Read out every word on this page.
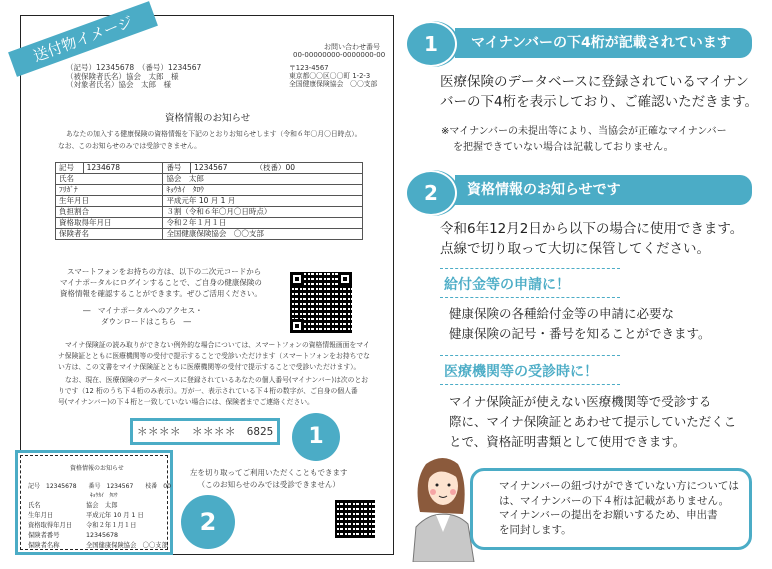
送付物イメージ	お問い合わせ番号
00-00000000-0000000-00
（記号）12345678　（番号）1234567
（被保険者氏名）協会　太郎　様
（対象者氏名）協会　太郎　様
〒123-4567
東京都〇〇区〇〇町 1-2-3
全国健康保険協会　〇〇支部
資格情報のお知らせ
あなたの加入する健康保険の資格情報を下記のとおりお知らせします（令和６年〇月〇日時点）。
なお、このお知らせのみでは受診できません。
記号	1234678	番号	1234567 （枝番）00
氏名		協会　太郎	
ﾌﾘｶﾞﾅ		ｷｮｳｶｲ　ﾀﾛｳ	
生年月日		平成元年 10 月 1 月	
負担割合		３割（令和６年〇月〇日時点）	
資格取得年月日		令和２年１月１日	
保険者名		全国健康保険協会　〇〇支部	
スマートフォンをお持ちの方は、以下の二次元コードから
マイナポータルにログインすることで、ご自身の健康保険の
資格情報を確認することができます。ぜひご活用ください。
―　マイナポータルへのアクセス・
ダウンロードはこちら　―
マイナ保険証の読み取りができない例外的な場合については、スマートフォンの資格情報画面をマイ
ナ保険証とともに医療機関等の受付で提示することで受診いただけます（スマートフォンをお持ちでな
い方は、この文書をマイナ保険証とともに医療機関等の受付で提示することで受診いただけます）。
なお、現在、医療保険のデータベースに登録されているあなたの個人番号(マイナンバー)は次のとお
りです（12 桁のうち下４桁のみ表示）。万が一、表示されている下４桁の数字が、ご自身の個人番
号(マイナンバー)の下４桁と一致していない場合には、保険者までご連絡ください。
＊＊＊＊　＊＊＊＊　6825	1
左を切り取ってご利用いただくこともできます
（このお知らせのみでは受診できません）
資格情報のお知らせ
記号　12345678　　番号　1234567　　枝番　00
ｷｮｳｶｲ　ﾀﾛｳ
氏名	協会　太郎
生年月日	平成元年 10 月 1 日
資格取得年月日 令和２年１月１日
保険者番号	12345678
保険者名称	全国健康保険協会　〇〇支部
2
マイナンバーの下4桁が記載されています
1
医療保険のデータベースに登録されているマイナン
バーの下4桁を表示しており、ご確認いただきます。
※マイナンバーの未提出等により、当協会が正確なマイナンバー
を把握できていない場合は記載しておりません。
資格情報のお知らせです
2
令和6年12月2日から以下の場合に使用できます。
点線で切り取って大切に保管してください。
給付金等の申請に！
健康保険の各種給付金等の申請に必要な
健康保険の記号・番号を知ることができます。
医療機関等の受診時に！
マイナ保険証が使えない医療機関等で受診する
際に、マイナ保険証とあわせて提示していただくこ
とで、資格証明書類として使用できます。
マイナンバーの紐づけができていない方については
は、マイナンバーの下４桁は記載がありません。
マイナンバーの提出をお願いするため、申出書
を同封します。
